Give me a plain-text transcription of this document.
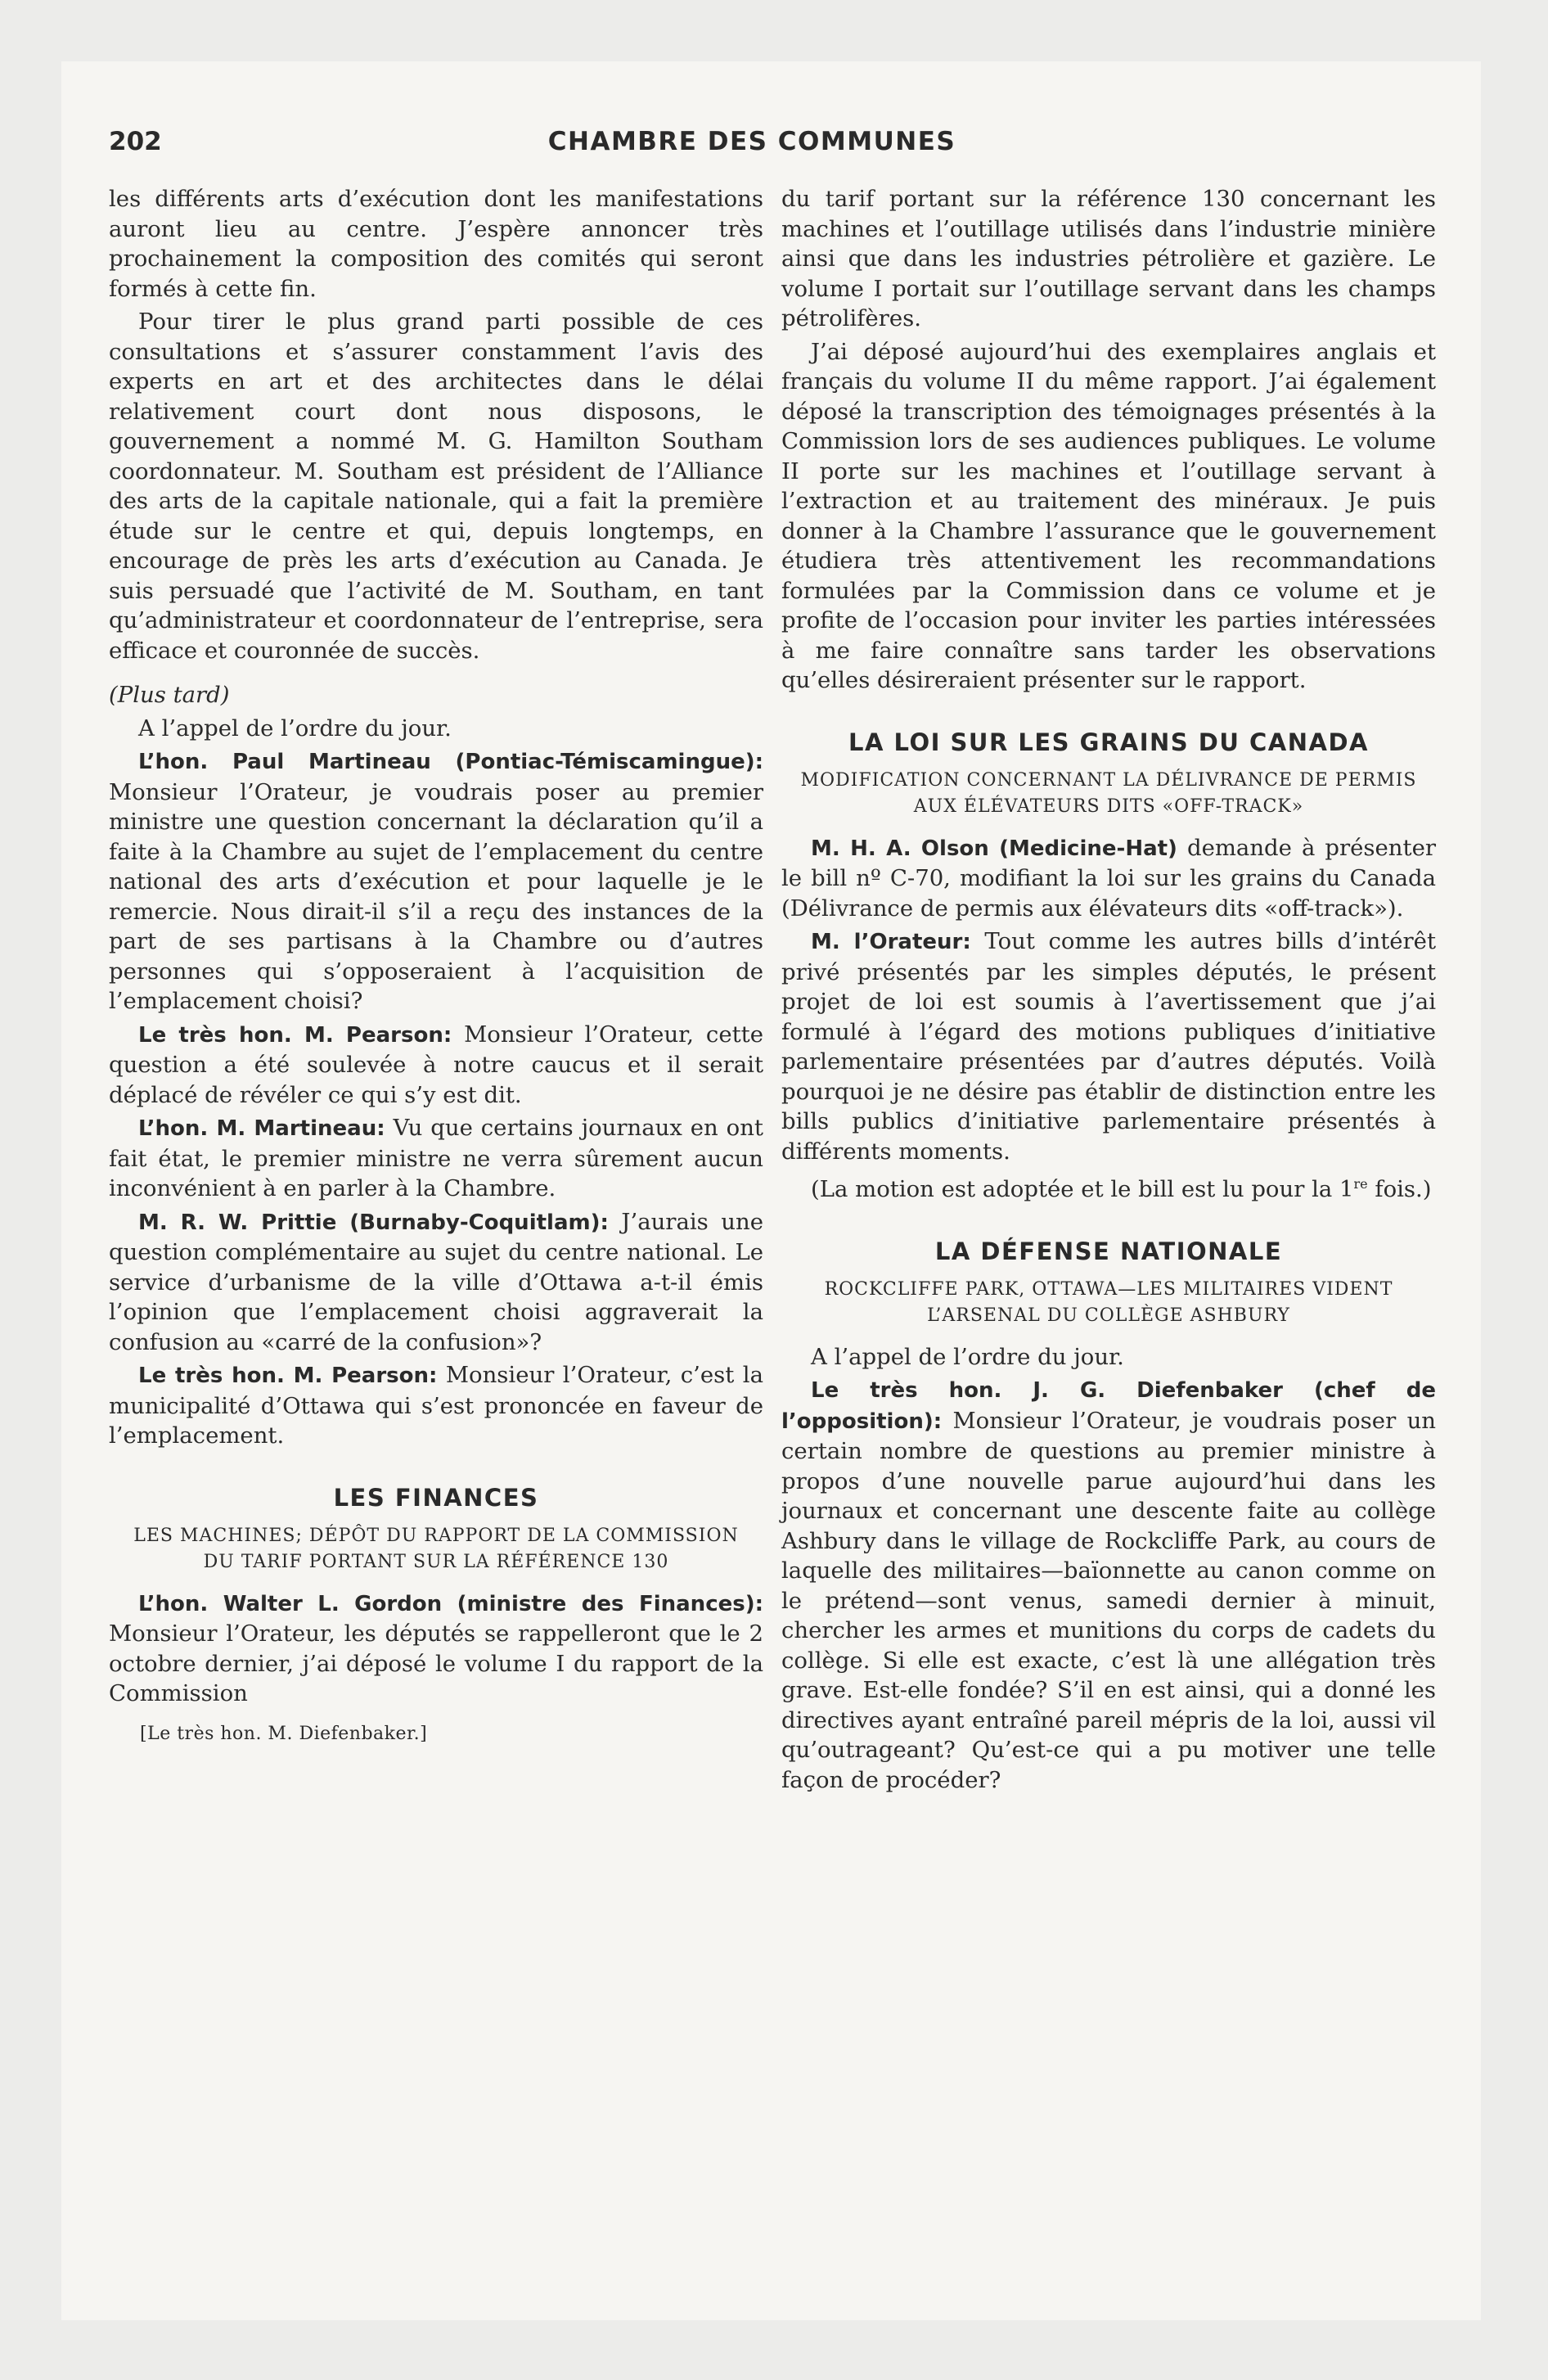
202	CHAMBRE DES COMMUNES

les différents arts d’exécution dont les manifestations auront lieu au centre. J’espère annoncer très prochainement la composition des comités qui seront formés à cette fin.

Pour tirer le plus grand parti possible de ces consultations et s’assurer constamment l’avis des experts en art et des architectes dans le délai relativement court dont nous disposons, le gouvernement a nommé M. G. Hamilton Southam coordonnateur. M. Southam est président de l’Alliance des arts de la capitale nationale, qui a fait la première étude sur le centre et qui, depuis longtemps, en encourage de près les arts d’exécution au Canada. Je suis persuadé que l’activité de M. Southam, en tant qu’administrateur et coordonnateur de l’entreprise, sera efficace et couronnée de succès.

(Plus tard)

A l’appel de l’ordre du jour.

L’hon. Paul Martineau (Pontiac-Témiscamingue): Monsieur l’Orateur, je voudrais poser au premier ministre une question concernant la déclaration qu’il a faite à la Chambre au sujet de l’emplacement du centre national des arts d’exécution et pour laquelle je le remercie. Nous dirait-il s’il a reçu des instances de la part de ses partisans à la Chambre ou d’autres personnes qui s’opposeraient à l’acquisition de l’emplacement choisi?

Le très hon. M. Pearson: Monsieur l’Orateur, cette question a été soulevée à notre caucus et il serait déplacé de révéler ce qui s’y est dit.

L’hon. M. Martineau: Vu que certains journaux en ont fait état, le premier ministre ne verra sûrement aucun inconvénient à en parler à la Chambre.

M. R. W. Prittie (Burnaby-Coquitlam): J’aurais une question complémentaire au sujet du centre national. Le service d’urbanisme de la ville d’Ottawa a-t-il émis l’opinion que l’emplacement choisi aggraverait la confusion au «carré de la confusion»?

Le très hon. M. Pearson: Monsieur l’Orateur, c’est la municipalité d’Ottawa qui s’est prononcée en faveur de l’emplacement.

LES FINANCES
LES MACHINES; DÉPÔT DU RAPPORT DE LA COMMISSION DU TARIF PORTANT SUR LA RÉFÉRENCE 130

L’hon. Walter L. Gordon (ministre des Finances): Monsieur l’Orateur, les députés se rappelleront que le 2 octobre dernier, j’ai déposé le volume I du rapport de la Commission

[Le très hon. M. Diefenbaker.]

du tarif portant sur la référence 130 concernant les machines et l’outillage utilisés dans l’industrie minière ainsi que dans les industries pétrolière et gazière. Le volume I portait sur l’outillage servant dans les champs pétrolifères.

J’ai déposé aujourd’hui des exemplaires anglais et français du volume II du même rapport. J’ai également déposé la transcription des témoignages présentés à la Commission lors de ses audiences publiques. Le volume II porte sur les machines et l’outillage servant à l’extraction et au traitement des minéraux. Je puis donner à la Chambre l’assurance que le gouvernement étudiera très attentivement les recommandations formulées par la Commission dans ce volume et je profite de l’occasion pour inviter les parties intéressées à me faire connaître sans tarder les observations qu’elles désireraient présenter sur le rapport.

LA LOI SUR LES GRAINS DU CANADA
MODIFICATION CONCERNANT LA DÉLIVRANCE DE PERMIS AUX ÉLÉVATEURS DITS «OFF-TRACK»

M. H. A. Olson (Medicine-Hat) demande à présenter le bill nº C-70, modifiant la loi sur les grains du Canada (Délivrance de permis aux élévateurs dits «off-track»).

M. l’Orateur: Tout comme les autres bills d’intérêt privé présentés par les simples députés, le présent projet de loi est soumis à l’avertissement que j’ai formulé à l’égard des motions publiques d’initiative parlementaire présentées par d’autres députés. Voilà pourquoi je ne désire pas établir de distinction entre les bills publics d’initiative parlementaire présentés à différents moments.

(La motion est adoptée et le bill est lu pour la 1re fois.)

LA DÉFENSE NATIONALE
ROCKCLIFFE PARK, OTTAWA—LES MILITAIRES VIDENT L’ARSENAL DU COLLÈGE ASHBURY

A l’appel de l’ordre du jour.

Le très hon. J. G. Diefenbaker (chef de l’opposition): Monsieur l’Orateur, je voudrais poser un certain nombre de questions au premier ministre à propos d’une nouvelle parue aujourd’hui dans les journaux et concernant une descente faite au collège Ashbury dans le village de Rockcliffe Park, au cours de laquelle des militaires—baïonnette au canon comme on le prétend—sont venus, samedi dernier à minuit, chercher les armes et munitions du corps de cadets du collège. Si elle est exacte, c’est là une allégation très grave. Est-elle fondée? S’il en est ainsi, qui a donné les directives ayant entraîné pareil mépris de la loi, aussi vil qu’outrageant? Qu’est-ce qui a pu motiver une telle façon de procéder?
